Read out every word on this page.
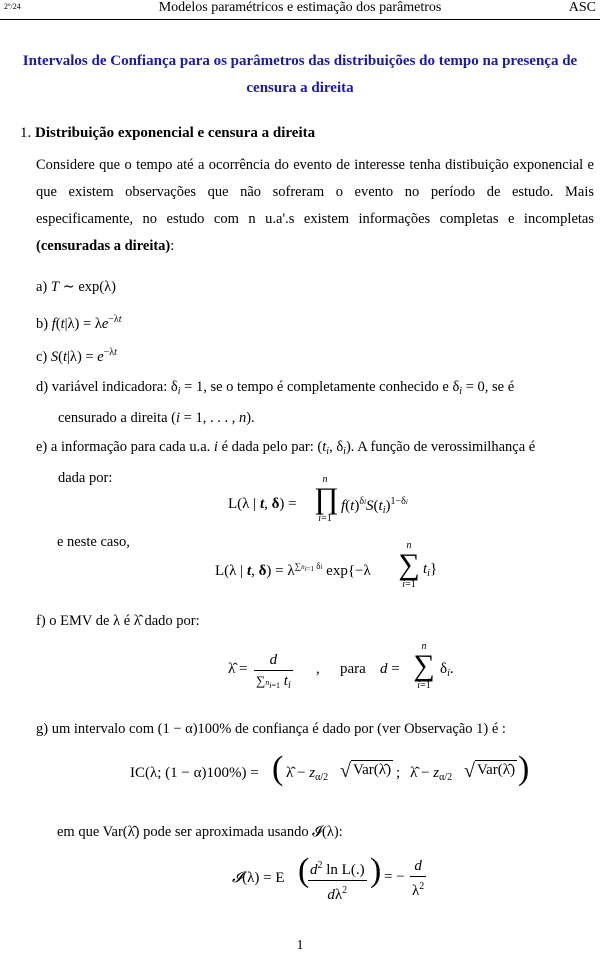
2º/24	Modelos paramétricos e estimação dos parâmetros	ASC
Intervalos de Confiança para os parâmetros das distribuições do tempo na presença de
censura a direita
1. Distribuição exponencial e censura a direita
Considere que o tempo até a ocorrência do evento de interesse tenha distibuição exponencial e que existem observações que não sofreram o evento no período de estudo. Mais especificamente, no estudo com n u.a'.s existem informações completas e incompletas (censuradas a direita):
a) T ∼ exp(λ)
b) $f(t|\lambda) = \lambda e^{-\lambda t}$
c) $S(t|\lambda) = e^{-\lambda t}$
d) variável indicadora: $\delta_i = 1$, se o tempo é completamente conhecido e $\delta_i = 0$, se é
censurado a direita (i = 1, . . . , n).
e) a informação para cada u.a. i é dada pelo par: ($t_i$, $\delta_i$). A função de verossimilhança é
dada por:
L(λ | t, δ) =
n
∏
i=1
$f(t)^{\delta i}S(t_i)^{1-\delta i}$
e neste caso,
L(λ | t, $\delta) = \lambda^{\sum n_{i=1} \delta i}$ exp{−λ
n
∑
i=1
$t_i$}
f) o EMV de λ é λ̂ dado por:
λ̂ = $\frac{d}{\sum n_{i=1} t_i}$ , para d =
n
∑
i=1
$\delta_i$.
g) um intervalo com (1 − α)100% de confiança é dado por (ver Observação 1) é :
IC(λ; (1 − α)100%) = ( λ̂ − $z_{\alpha/2}$ √ Var(λ̂) ; λ̂ − $z_{\alpha/2}$ √ Var(λ̂) )
em que Var(λ̂) pode ser aproximada usando 𝓘(λ):
𝓘(λ) = E (
$\frac{d^2 \ln L(.)}{d\lambda^2}$ ) = − $\frac{d}{\lambda^2}$
1
